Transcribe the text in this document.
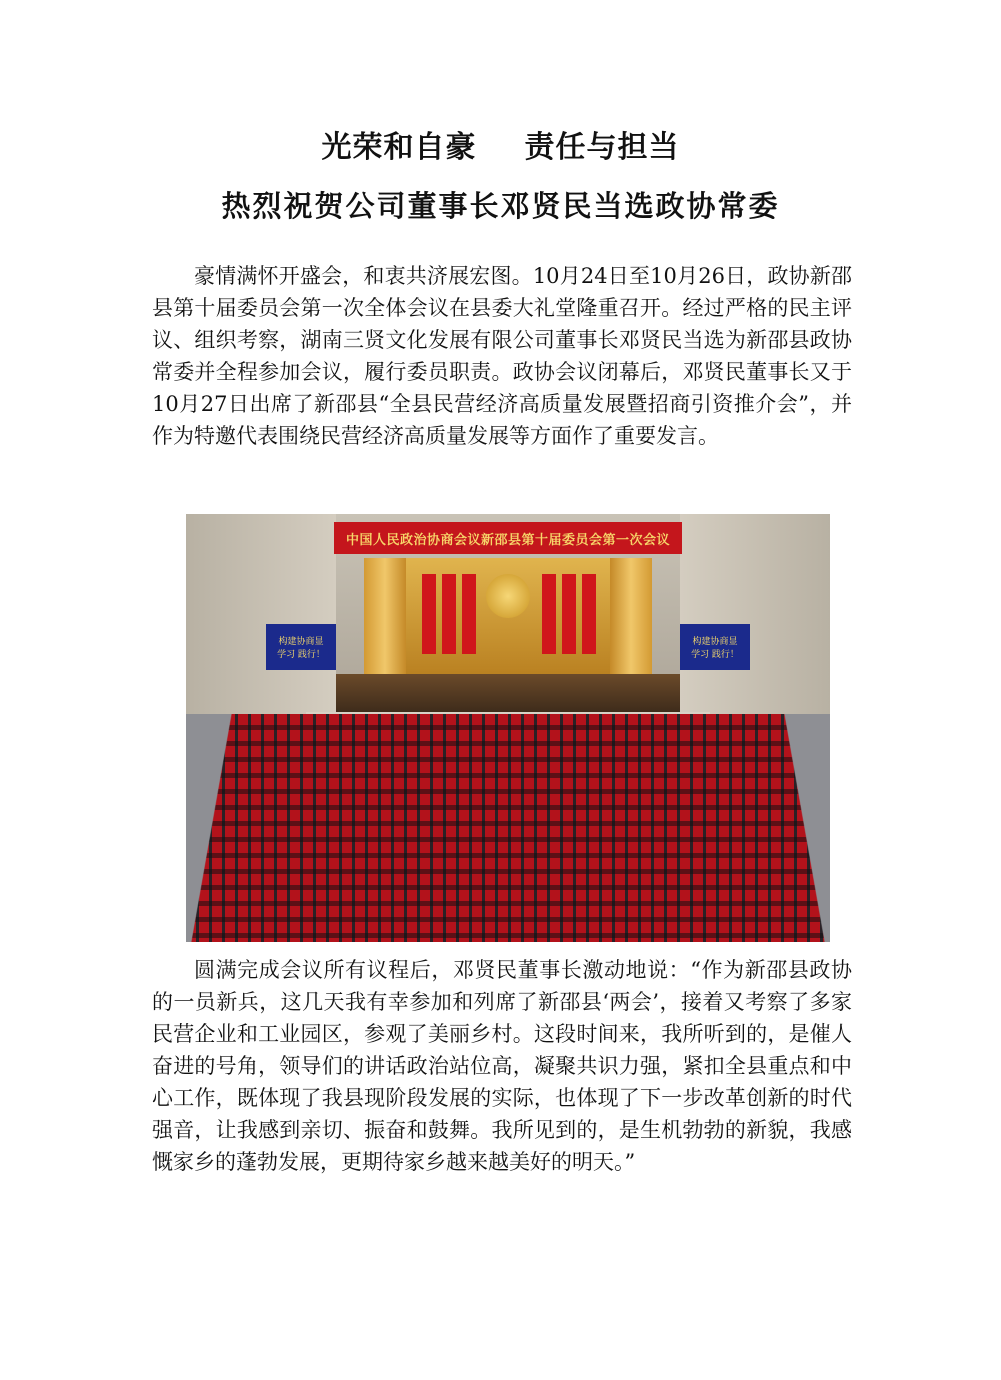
光荣和自豪 责任与担当
热烈祝贺公司董事长邓贤民当选政协常委

豪情满怀开盛会，和衷共济展宏图。10月24日至10月26日，政协新邵县第十届委员会第一次全体会议在县委大礼堂隆重召开。经过严格的民主评议、组织考察，湖南三贤文化发展有限公司董事长邓贤民当选为新邵县政协常委并全程参加会议，履行委员职责。政协会议闭幕后，邓贤民董事长又于10月27日出席了新邵县“全县民营经济高质量发展暨招商引资推介会”，并作为特邀代表围绕民营经济高质量发展等方面作了重要发言。

中国人民政治协商会议新邵县第十届委员会第一次会议
构建协商显
学习 践行！
构建协商显
学习 践行！

圆满完成会议所有议程后，邓贤民董事长激动地说：“作为新邵县政协的一员新兵，这几天我有幸参加和列席了新邵县‘两会’，接着又考察了多家民营企业和工业园区，参观了美丽乡村。这段时间来，我所听到的，是催人奋进的号角，领导们的讲话政治站位高，凝聚共识力强，紧扣全县重点和中心工作，既体现了我县现阶段发展的实际，也体现了下一步改革创新的时代强音，让我感到亲切、振奋和鼓舞。我所见到的，是生机勃勃的新貌，我感慨家乡的蓬勃发展，更期待家乡越来越美好的明天。”
